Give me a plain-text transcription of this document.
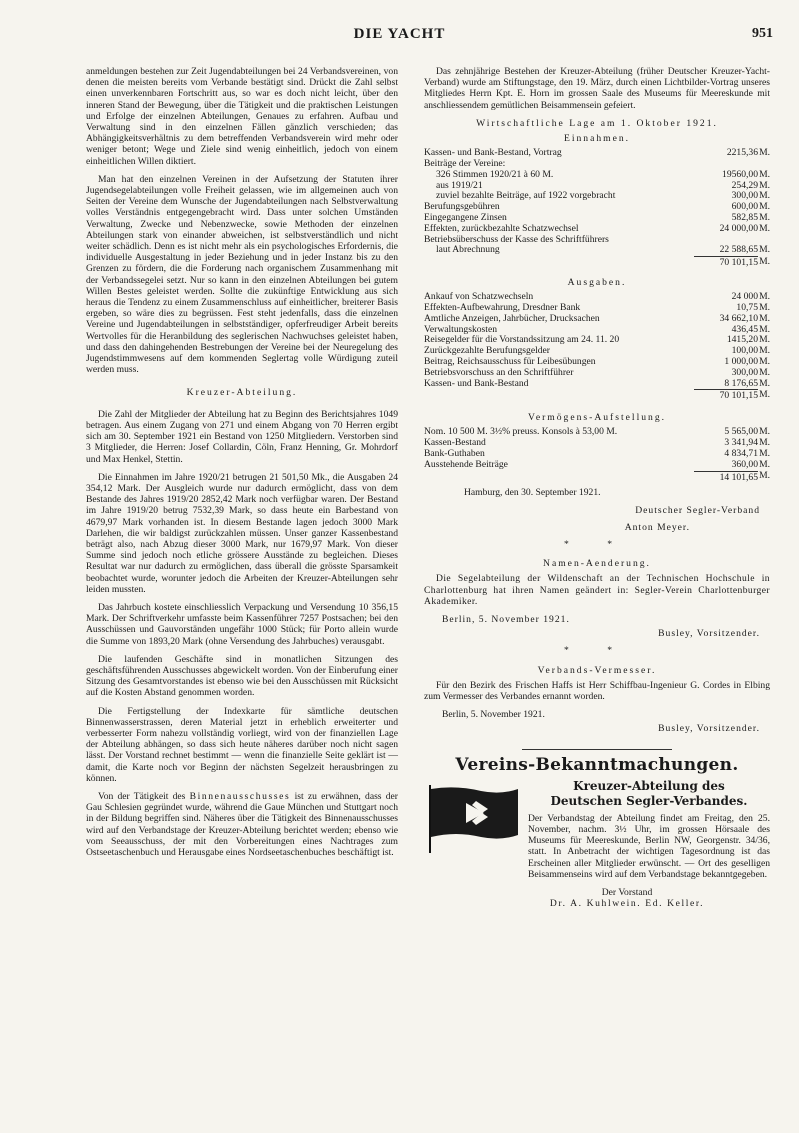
DIE YACHT	951

anmeldungen bestehen zur Zeit Jugendabteilungen bei 24 Verbandsvereinen, von denen die meisten bereits vom Verbande bestätigt sind. Drückt die Zahl selbst einen unverkennbaren Fortschritt aus, so war es doch nicht leicht, über den inneren Stand der Bewegung, über die Tätigkeit und die praktischen Leistungen und Erfolge der einzelnen Abteilungen, Genaues zu erfahren. Aufbau und Verwaltung sind in den einzelnen Fällen gänzlich verschieden; das Abhängigkeitsverhältnis zu dem betreffenden Verbandsverein wird mehr oder weniger betont; Wege und Ziele sind wenig einheitlich, jedoch von einem einheitlichen Willen diktiert.

Man hat den einzelnen Vereinen in der Aufsetzung der Statuten ihrer Jugendsegelabteilungen volle Freiheit gelassen, wie im allgemeinen auch von Seiten der Vereine dem Wunsche der Jugendabteilungen nach Selbstverwaltung volles Verständnis entgegengebracht wird. Dass unter solchen Umständen Verwaltung, Zwecke und Nebenzwecke, sowie Methoden der einzelnen Abteilungen stark von einander abweichen, ist selbstverständlich und nicht weiter schädlich. Denn es ist nicht mehr als ein psychologisches Erfordernis, die individuelle Ausgestaltung in jeder Beziehung und in jeder Instanz bis zu den Grenzen zu fördern, die die Forderung nach organischem Zusammenhang mit der Verbandssegelei setzt. Nur so kann in den einzelnen Abteilungen bei gutem Willen Bestes geleistet werden. Sollte die zukünftige Entwicklung aus sich heraus die Tendenz zu einem Zusammenschluss auf einheitlicher, breiterer Basis ergeben, so wäre dies zu begrüssen. Fest steht jedenfalls, dass die einzelnen Vereine und Jugendabteilungen in selbstständiger, opferfreudiger Arbeit bereits Wertvolles für die Heranbildung des seglerischen Nachwuchses geleistet haben, und dass den dahingehenden Bestrebungen der Vereine bei der Neuregelung des Jugendstimmwesens auf dem kommenden Seglertag volle Würdigung zuteil werden muss.

Kreuzer-Abteilung.

Die Zahl der Mitglieder der Abteilung hat zu Beginn des Berichtsjahres 1049 betragen. Aus einem Zugang von 271 und einem Abgang von 70 Herren ergibt sich am 30. September 1921 ein Bestand von 1250 Mitgliedern. Verstorben sind 3 Mitglieder, die Herren: Josef Collardin, Cöln, Franz Henning, Gr. Mohrdorf und Max Henkel, Stettin.

Die Einnahmen im Jahre 1920/21 betrugen 21 501,50 Mk., die Ausgaben 24 354,12 Mark. Der Ausgleich wurde nur dadurch ermöglicht, dass von dem Bestande des Jahres 1919/20 2852,42 Mark noch verfügbar waren. Der Bestand im Jahre 1919/20 betrug 7532,39 Mark, so dass heute ein Barbestand von 4679,97 Mark vorhanden ist. In diesem Bestande lagen jedoch 3000 Mark Darlehen, die wir baldigst zurückzahlen müssen. Unser ganzer Kassenbestand beträgt also, nach Abzug dieser 3000 Mark, nur 1679,97 Mark. Von dieser Summe sind jedoch noch etliche grössere Ausstände zu begleichen. Dieses Resultat war nur dadurch zu ermöglichen, dass überall die grösste Sparsamkeit beobachtet wurde, worunter jedoch die Arbeiten der Kreuzer-Abteilungen sehr leiden mussten.

Das Jahrbuch kostete einschliesslich Verpackung und Versendung 10 356,15 Mark. Der Schriftverkehr umfasste beim Kassenführer 7257 Postsachen; bei den Ausschüssen und Gauvorständen ungefähr 1000 Stück; für Porto allein wurde die Summe von 1893,20 Mark (ohne Versendung des Jahrbuches) verausgabt.

Die laufenden Geschäfte sind in monatlichen Sitzungen des geschäftsführenden Ausschusses abgewickelt worden. Von der Einberufung einer Sitzung des Gesamtvorstandes ist ebenso wie bei den Ausschüssen mit Rücksicht auf die Kosten Abstand genommen worden.

Die Fertigstellung der Indexkarte für sämtliche deutschen Binnenwasserstrassen, deren Material jetzt in erheblich erweiterter und verbesserter Form nahezu vollständig vorliegt, wird von der finanziellen Lage der Abteilung abhängen, so dass sich heute näheres darüber noch nicht sagen lässt. Der Vorstand rechnet bestimmt — wenn die finanzielle Seite geklärt ist — damit, die Karte noch vor Beginn der nächsten Segelzeit herausbringen zu können.

Von der Tätigkeit des Binnenausschusses ist zu erwähnen, dass der Gau Schlesien gegründet wurde, während die Gaue München und Stuttgart noch in der Bildung begriffen sind. Näheres über die Tätigkeit des Binnenausschusses wird auf den Verbandstage der Kreuzer-Abteilung berichtet werden; ebenso wie vom Seeausschuss, der mit den Vorbereitungen eines Nachtrages zum Ostseetaschenbuch und Herausgabe eines Nordseetaschenbuches beschäftigt ist.

Das zehnjährige Bestehen der Kreuzer-Abteilung (früher Deutscher Kreuzer-Yacht-Verband) wurde am Stiftungstage, den 19. März, durch einen Lichtbilder-Vortrag unseres Mitgliedes Herrn Kpt. E. Horn im grossen Saale des Museums für Meereskunde mit anschliessendem gemütlichen Beisammensein gefeiert.

Wirtschaftliche Lage am 1. Oktober 1921.
Einnahmen.
Kassen- und Bank-Bestand, Vortrag	2215,36	M.
Beiträge der Vereine:		
326 Stimmen 1920/21 à 60 M.	19560,00	M.
aus 1919/21	254,29	M.
zuviel bezahlte Beiträge, auf 1922 vorgebracht	300,00	M.
Berufungsgebühren	600,00	M.
Eingegangene Zinsen	582,85	M.
Effekten, zurückbezahlte Schatzwechsel	24 000,00	M.
Betriebsüberschuss der Kasse des Schriftführers		
laut Abrechnung	22 588,65	M.
	70 101,15	M.
Ausgaben.
Ankauf von Schatzwechseln	24 000	M.
Effekten-Aufbewahrung, Dresdner Bank	10,75	M.
Amtliche Anzeigen, Jahrbücher, Drucksachen	34 662,10	M.
Verwaltungskosten	436,45	M.
Reisegelder für die Vorstandssitzung am 24. 11. 20	1415,20	M.
Zurückgezahlte Berufungsgelder	100,00	M.
Beitrag, Reichsausschuss für Leibesübungen	1 000,00	M.
Betriebsvorschuss an den Schriftführer	300,00	M.
Kassen- und Bank-Bestand	8 176,65	M.
	70 101,15	M.
Vermögens-Aufstellung.
Nom. 10 500 M. 3½% preuss. Konsols à 53,00 M.	5 565,00	M.
Kassen-Bestand	3 341,94	M.
Bank-Guthaben	4 834,71	M.
Ausstehende Beiträge	360,00	M.
	14 101,65	M.
Hamburg, den 30. September 1921.
Deutscher Segler-Verband
Anton Meyer.
* *
Namen-Aenderung.

Die Segelabteilung der Wildenschaft an der Technischen Hochschule in Charlottenburg hat ihren Namen geändert in: Segler-Verein Charlottenburger Akademiker.

Berlin, 5. November 1921.
Busley, Vorsitzender.
* *
Verbands-Vermesser.

Für den Bezirk des Frischen Haffs ist Herr Schiffbau-Ingenieur G. Cordes in Elbing zum Vermesser des Verbandes ernannt worden.

Berlin, 5. November 1921.
Busley, Vorsitzender.
Vereins-Bekanntmachungen.
Kreuzer-Abteilung des
Deutschen Segler-Verbandes.

Der Verbandstag der Abteilung findet am Freitag, den 25. November, nachm. 3½ Uhr, im grossen Hörsaale des Museums für Meereskunde, Berlin NW, Georgenstr. 34/36, statt. In Anbetracht der wichtigen Tagesordnung ist das Erscheinen aller Mitglieder erwünscht. — Ort des geselligen Beisammenseins wird auf dem Verbandstage bekanntgegeben.

Der Vorstand
Dr. A. Kuhlwein. Ed. Keller.
